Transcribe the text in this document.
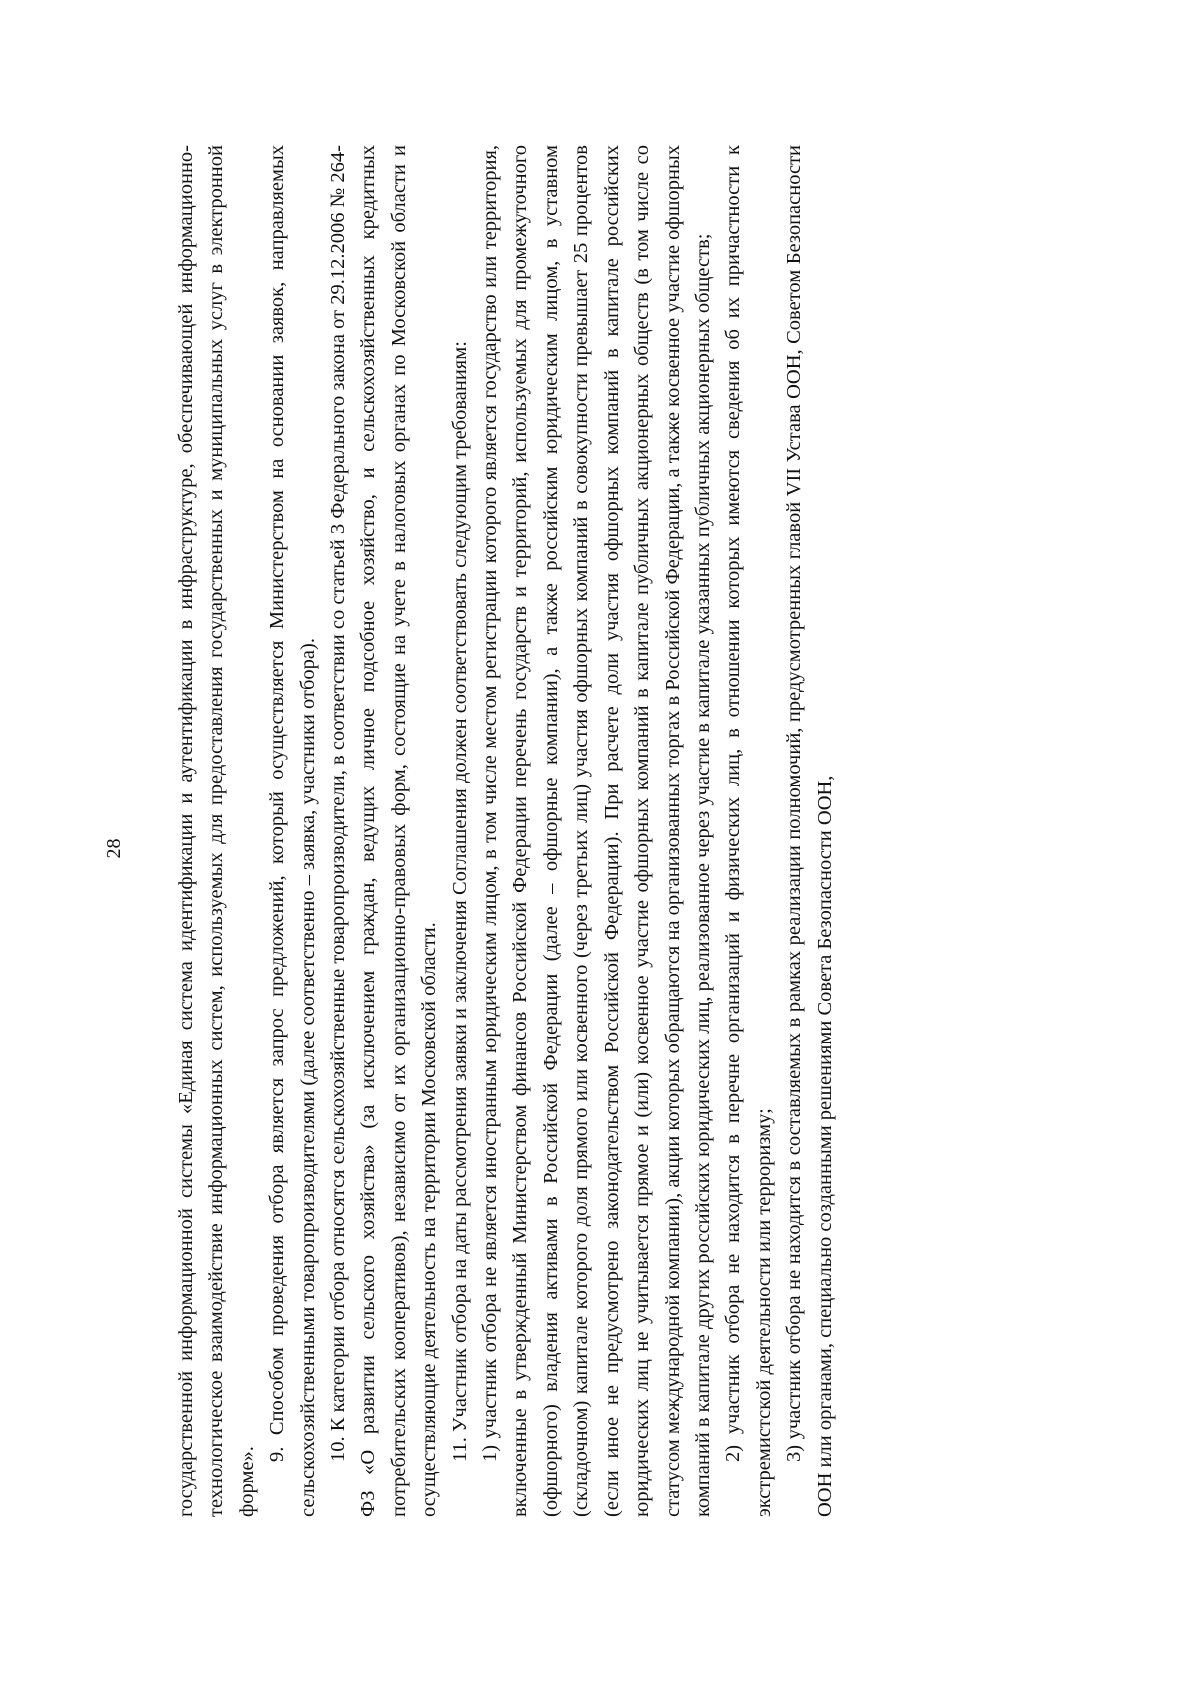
28 государственной информационной системы «Единая система идентификации и аутентификации в инфраструктуре, обеспечивающей информационно-технологическое взаимодействие информационных систем, используемых для предоставления государственных и муниципальных услуг в электронной форме».

9. Способом проведения отбора является запрос предложений, который осуществляется Министерством на основании заявок, направляемых сельскохозяйственными товаропроизводителями (далее соответственно – заявка, участники отбора). 10. К категории отбора относятся сельскохозяйственные товаропроизводители, в соответствии со статьей 3 Федерального закона от 29.12.2006 № 264-ФЗ «О развитии сельского хозяйства» (за исключением граждан, ведущих личное подсобное хозяйство, и сельскохозяйственных кредитных потребительских кооперативов), независимо от их организационно-правовых форм, состоящие на учете в налоговых органах по Московской области и осуществляющие деятельность на территории Московской области. 11. Участник отбора на даты рассмотрения заявки и заключения Соглашения должен соответствовать следующим требованиям: 1) участник отбора не является иностранным юридическим лицом, в том числе местом регистрации которого является государство или территория, включенные в утвержденный Министерством финансов Российской Федерации перечень государств и территорий, используемых для промежуточного (офшорного) владения активами в Российской Федерации (далее – офшорные компании), а также российским юридическим лицом, в уставном (складочном) капитале которого доля прямого или косвенного (через третьих лиц) участия офшорных компаний в совокупности превышает 25 процентов (если иное не предусмотрено законодательством Российской Федерации). При расчете доли участия офшорных компаний в капитале российских юридических лиц не учитывается прямое и (или) косвенное участие офшорных компаний в капитале публичных акционерных обществ (в том числе со статусом международной компании), акции которых обращаются на организованных торгах в Российской Федерации, а также косвенное участие офшорных компаний в капитале других российских юридических лиц, реализованное через участие в капитале указанных публичных акционерных обществ; 2) участник отбора не находится в перечне организаций и физических лиц, в отношении которых имеются сведения об их причастности к экстремистской деятельности или терроризму; 3) участник отбора не находится в составляемых в рамках реализации полномочий, предусмотренных главой VII Устава ООН, Советом Безопасности ООН или органами, специально созданными решениями Совета Безопасности ООН,
